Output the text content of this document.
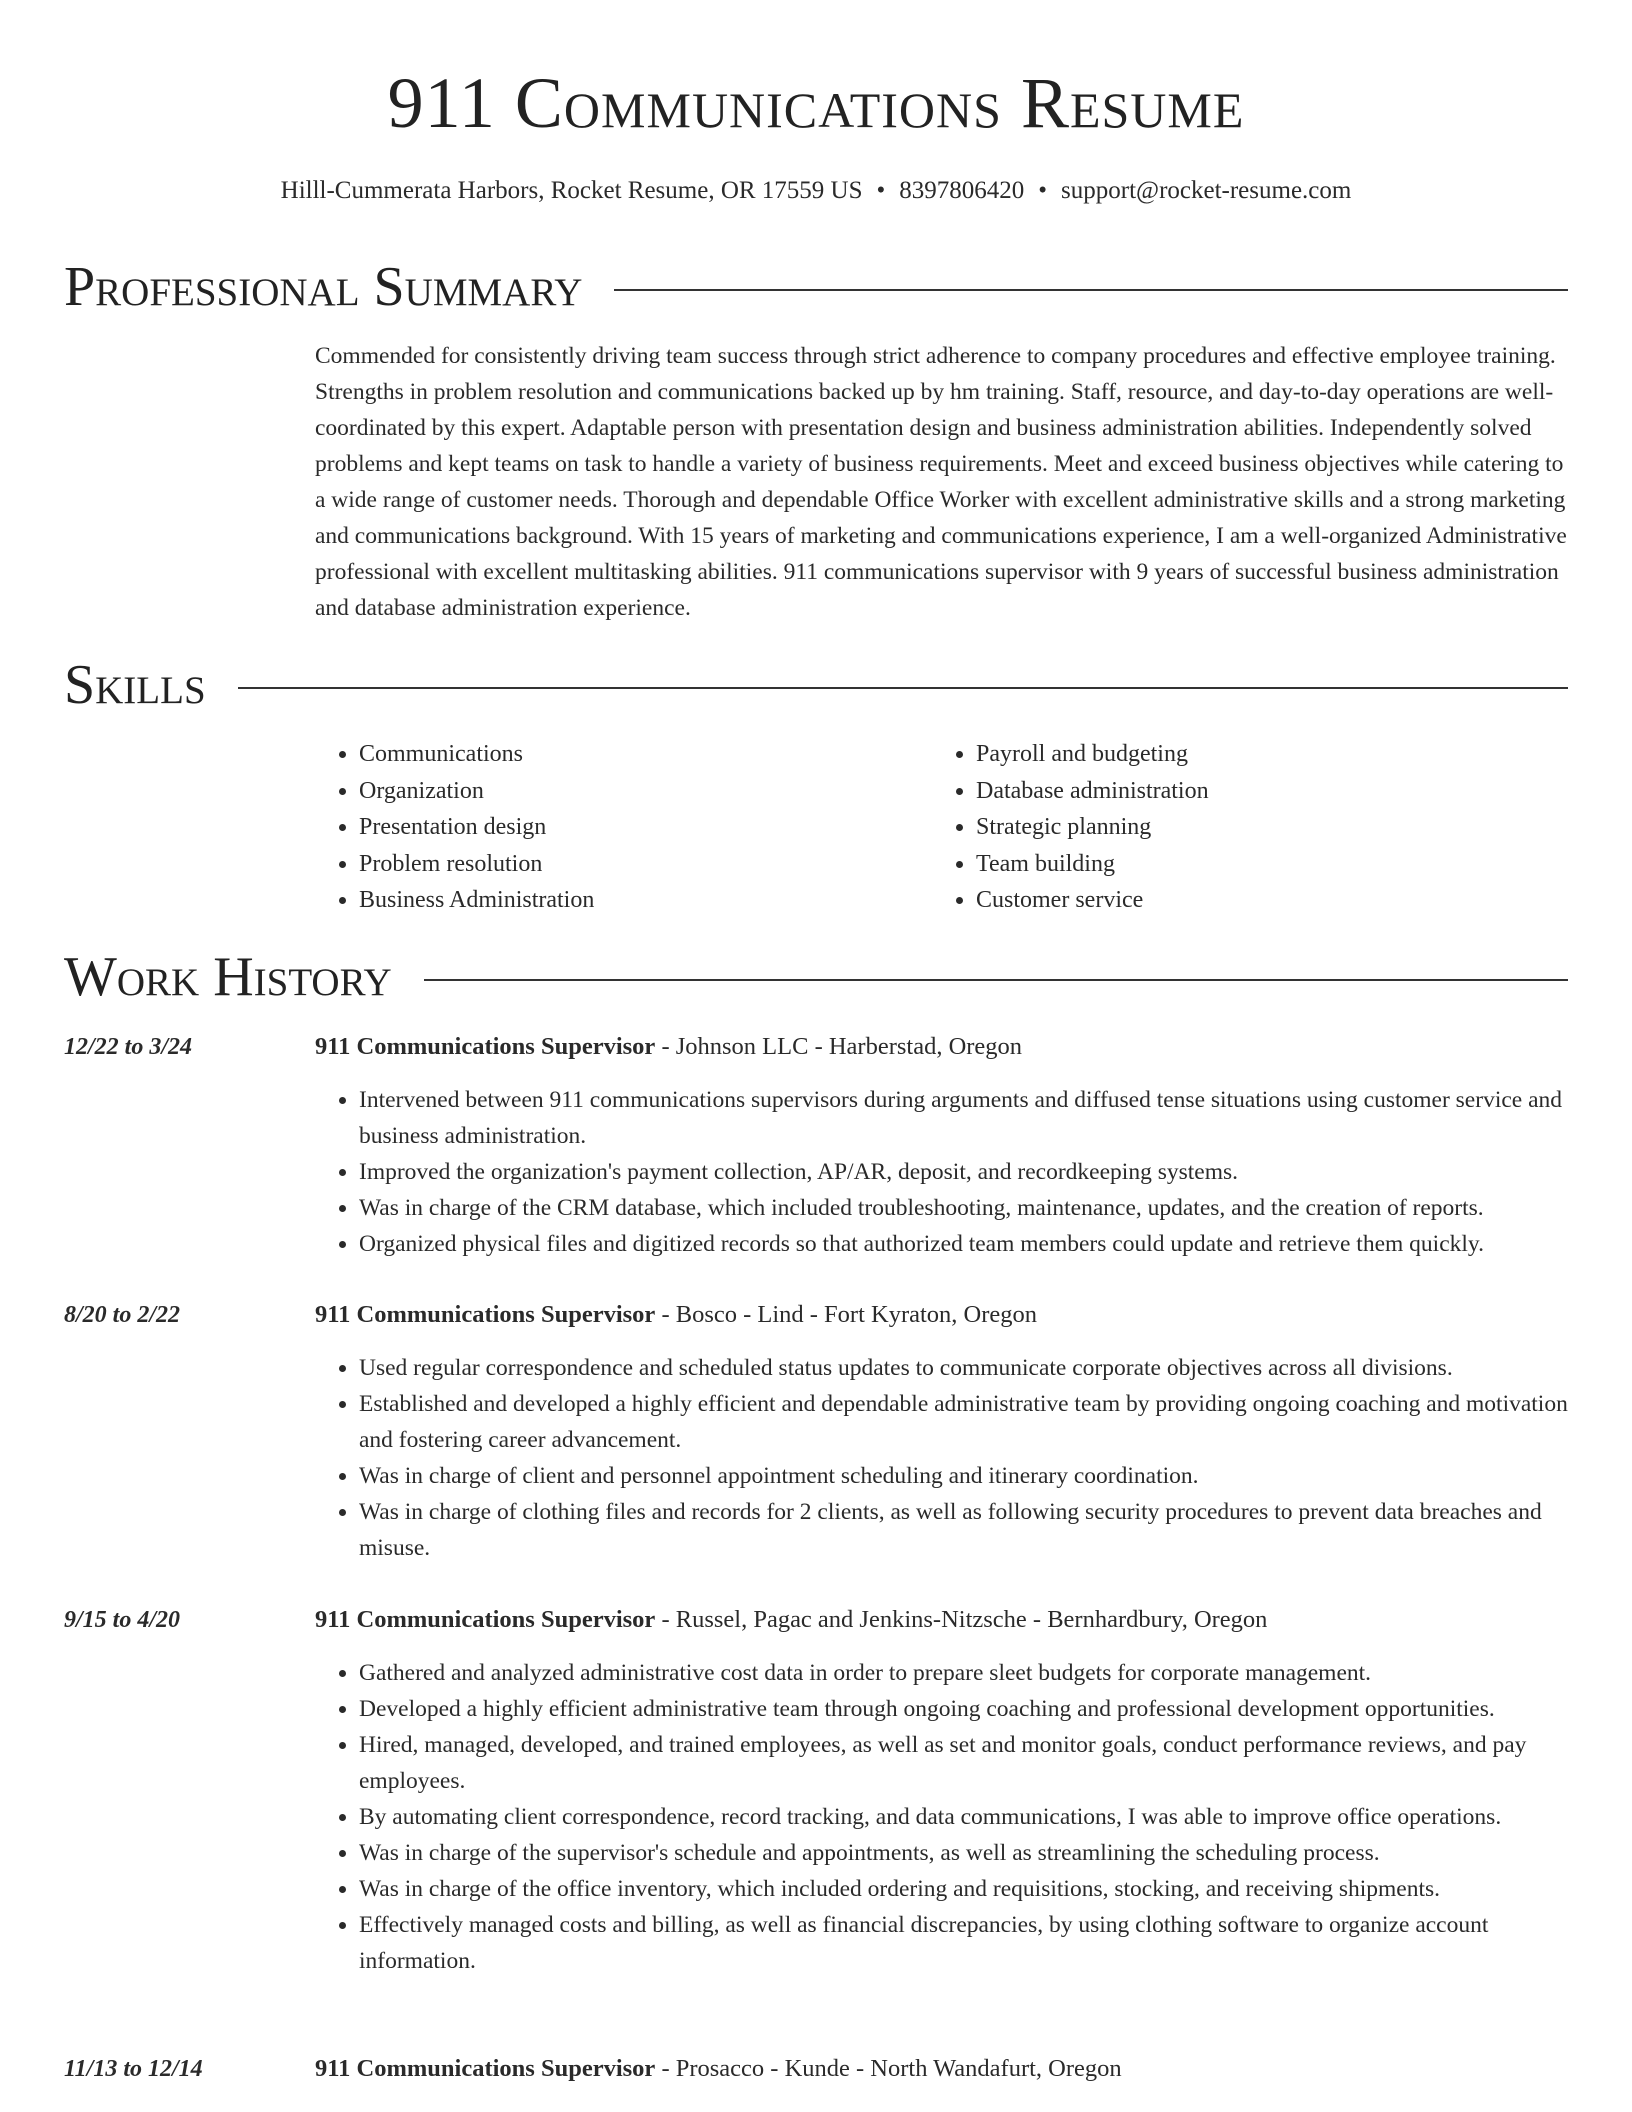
911 Communications Resume
Hilll-Cummerata Harbors, Rocket Resume, OR 17559 US • 8397806420 • support@rocket-resume.com
Professional Summary

Commended for consistently driving team success through strict adherence to company procedures and effective employee training. Strengths in problem resolution and communications backed up by hm training. Staff, resource, and day-to-day operations are well-coordinated by this expert. Adaptable person with presentation design and business administration abilities. Independently solved problems and kept teams on task to handle a variety of business requirements. Meet and exceed business objectives while catering to a wide range of customer needs. Thorough and dependable Office Worker with excellent administrative skills and a strong marketing and communications background. With 15 years of marketing and communications experience, I am a well-organized Administrative professional with excellent multitasking abilities. 911 communications supervisor with 9 years of successful business administration and database administration experience.

Skills
• Communications
• Organization
• Presentation design
• Problem resolution
• Business Administration
• Payroll and budgeting
• Database administration
• Strategic planning
• Team building
• Customer service
Work History
12/22 to 3/24	911 Communications Supervisor - Johnson LLC - Harberstad, Oregon
• Intervened between 911 communications supervisors during arguments and diffused tense situations using customer service and business administration.
• Improved the organization's payment collection, AP/AR, deposit, and recordkeeping systems.
• Was in charge of the CRM database, which included troubleshooting, maintenance, updates, and the creation of reports.
• Organized physical files and digitized records so that authorized team members could update and retrieve them quickly.
8/20 to 2/22	911 Communications Supervisor - Bosco - Lind - Fort Kyraton, Oregon
• Used regular correspondence and scheduled status updates to communicate corporate objectives across all divisions.
• Established and developed a highly efficient and dependable administrative team by providing ongoing coaching and motivation and fostering career advancement.
• Was in charge of client and personnel appointment scheduling and itinerary coordination.
• Was in charge of clothing files and records for 2 clients, as well as following security procedures to prevent data breaches and misuse.
9/15 to 4/20	911 Communications Supervisor - Russel, Pagac and Jenkins-Nitzsche - Bernhardbury, Oregon
• Gathered and analyzed administrative cost data in order to prepare sleet budgets for corporate management.
• Developed a highly efficient administrative team through ongoing coaching and professional development opportunities.
• Hired, managed, developed, and trained employees, as well as set and monitor goals, conduct performance reviews, and pay employees.
• By automating client correspondence, record tracking, and data communications, I was able to improve office operations.
• Was in charge of the supervisor's schedule and appointments, as well as streamlining the scheduling process.
• Was in charge of the office inventory, which included ordering and requisitions, stocking, and receiving shipments.
• Effectively managed costs and billing, as well as financial discrepancies, by using clothing software to organize account information.
11/13 to 12/14	911 Communications Supervisor - Prosacco - Kunde - North Wandafurt, Oregon
